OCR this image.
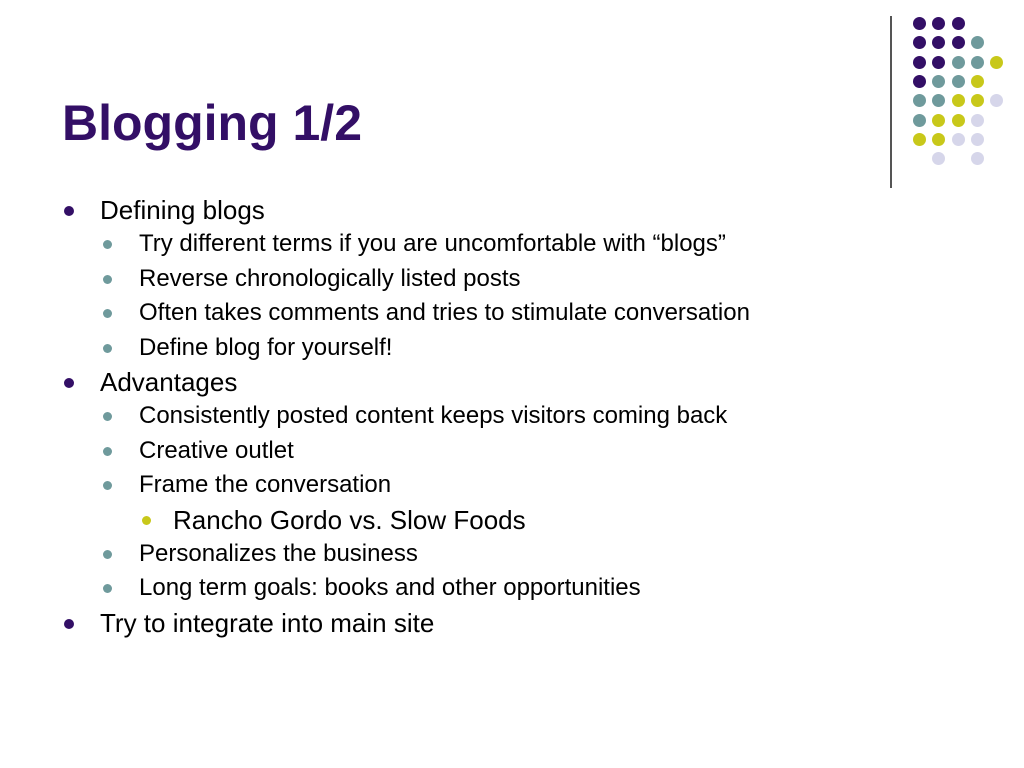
Blogging 1/2
Defining blogs
Try different terms if you are uncomfortable with “blogs”
Reverse chronologically listed posts
Often takes comments and tries to stimulate conversation
Define blog for yourself!
Advantages
Consistently posted content keeps visitors coming back
Creative outlet
Frame the conversation
Rancho Gordo vs. Slow Foods
Personalizes the business
Long term goals: books and other opportunities
Try to integrate into main site
